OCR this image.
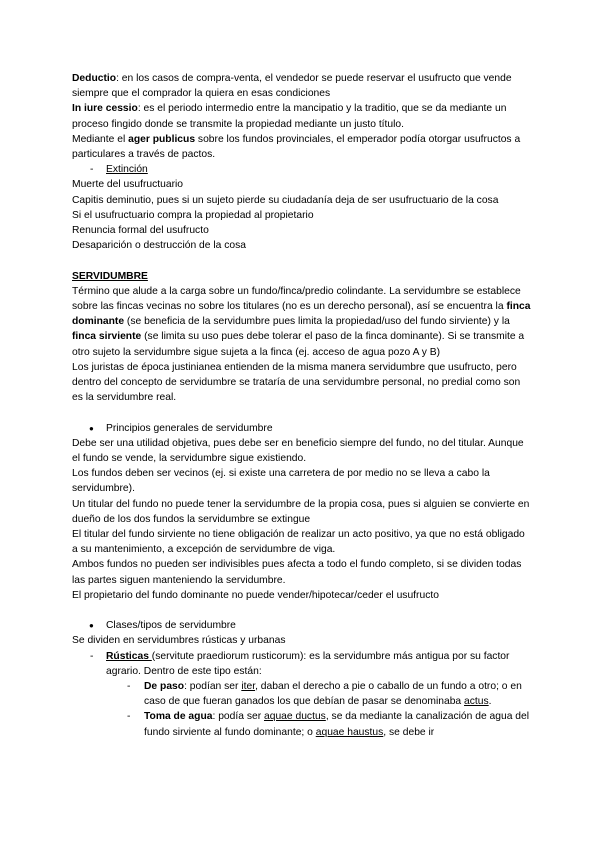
Deductio: en los casos de compra-venta, el vendedor se puede reservar el usufructo que vende siempre que el comprador la quiera en esas condiciones

In iure cessio: es el periodo intermedio entre la mancipatio y la traditio, que se da mediante un proceso fingido donde se transmite la propiedad mediante un justo título.

Mediante el ager publicus sobre los fundos provinciales, el emperador podía otorgar usufructos a particulares a través de pactos.

- Extinción

Muerte del usufructuario

Capitis deminutio, pues si un sujeto pierde su ciudadanía deja de ser usufructuario de la cosa

Si el usufructuario compra la propiedad al propietario

Renuncia formal del usufructo

Desaparición o destrucción de la cosa

SERVIDUMBRE

Término que alude a la carga sobre un fundo/finca/predio colindante. La servidumbre se establece sobre las fincas vecinas no sobre los titulares (no es un derecho personal), así se encuentra la finca dominante (se beneficia de la servidumbre pues limita la propiedad/uso del fundo sirviente) y la finca sirviente (se limita su uso pues debe tolerar el paso de la finca dominante). Si se transmite a otro sujeto la servidumbre sigue sujeta a la finca (ej. acceso de agua pozo A y B)

Los juristas de época justinianea entienden de la misma manera servidumbre que usufructo, pero dentro del concepto de servidumbre se trataría de una servidumbre personal, no predial como son es la servidumbre real.

● Principios generales de servidumbre

Debe ser una utilidad objetiva, pues debe ser en beneficio siempre del fundo, no del titular. Aunque el fundo se vende, la servidumbre sigue existiendo.

Los fundos deben ser vecinos (ej. si existe una carretera de por medio no se lleva a cabo la servidumbre).

Un titular del fundo no puede tener la servidumbre de la propia cosa, pues si alguien se convierte en dueño de los dos fundos la servidumbre se extingue

El titular del fundo sirviente no tiene obligación de realizar un acto positivo, ya que no está obligado a su mantenimiento, a excepción de servidumbre de viga.

Ambos fundos no pueden ser indivisibles pues afecta a todo el fundo completo, si se dividen todas las partes siguen manteniendo la servidumbre.

El propietario del fundo dominante no puede vender/hipotecar/ceder el usufructo

● Clases/tipos de servidumbre

Se dividen en servidumbres rústicas y urbanas

- Rústicas (servitute praediorum rusticorum): es la servidumbre más antigua por su factor agrario. Dentro de este tipo están:
- De paso: podían ser iter, daban el derecho a pie o caballo de un fundo a otro; o en caso de que fueran ganados los que debían de pasar se denominaba actus.
- Toma de agua: podía ser aquae ductus, se da mediante la canalización de agua del fundo sirviente al fundo dominante; o aquae haustus, se debe ir
